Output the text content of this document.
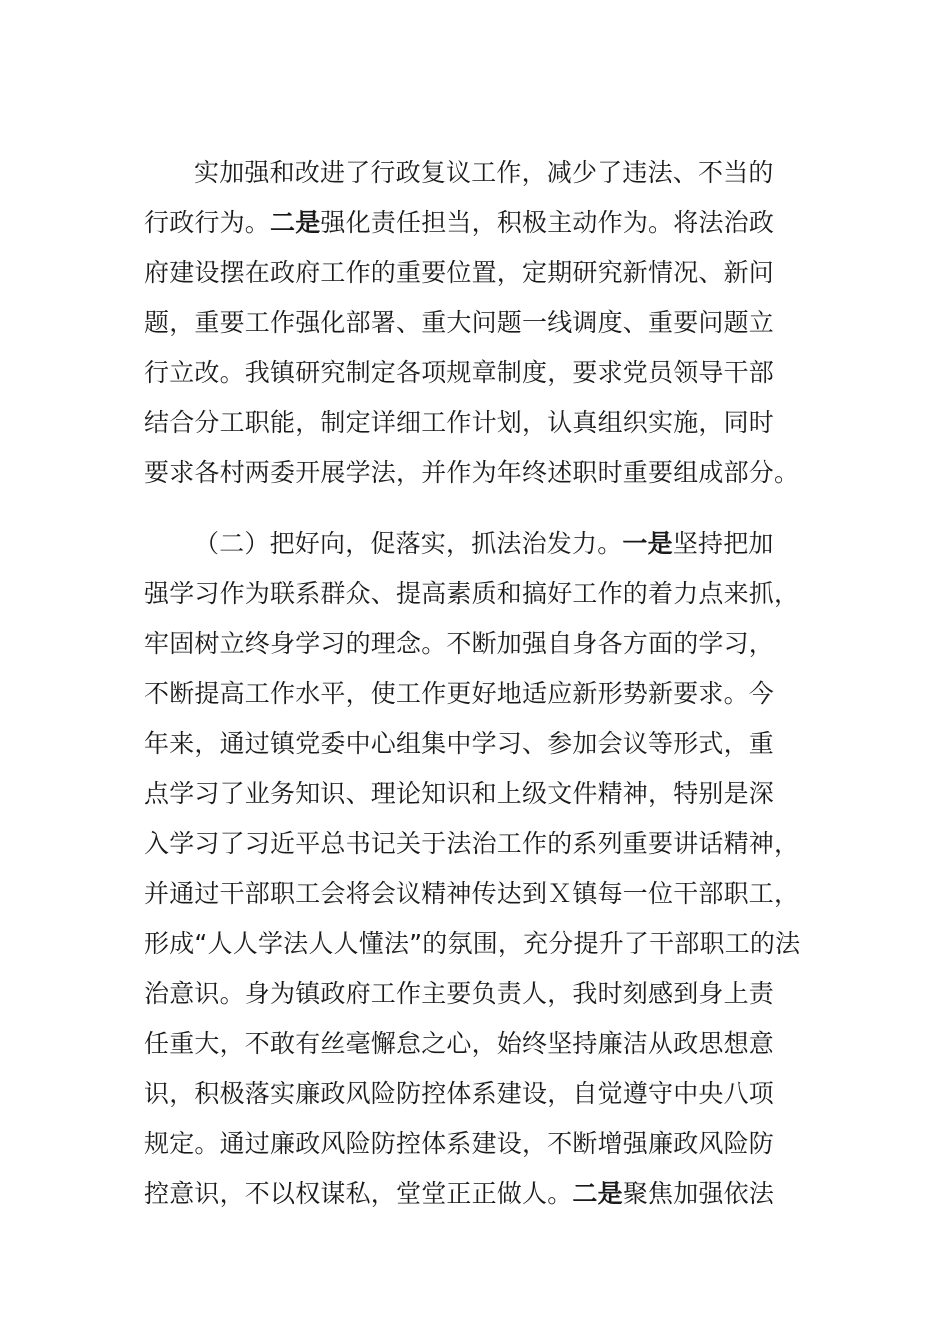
实加强和改进了行政复议工作，减少了违法、不当的
行政行为。二是强化责任担当，积极主动作为。将法治政
府建设摆在政府工作的重要位置，定期研究新情况、新问
题，重要工作强化部署、重大问题一线调度、重要问题立
行立改。我镇研究制定各项规章制度，要求党员领导干部
结合分工职能，制定详细工作计划，认真组织实施，同时
要求各村两委开展学法，并作为年终述职时重要组成部分。
（二）把好向，促落实，抓法治发力。一是坚持把加
强学习作为联系群众、提高素质和搞好工作的着力点来抓，
牢固树立终身学习的理念。不断加强自身各方面的学习，
不断提高工作水平，使工作更好地适应新形势新要求。今
年来，通过镇党委中心组集中学习、参加会议等形式，重
点学习了业务知识、理论知识和上级文件精神，特别是深
入学习了习近平总书记关于法治工作的系列重要讲话精神，
并通过干部职工会将会议精神传达到Ｘ镇每一位干部职工，
形成“人人学法人人懂法”的氛围，充分提升了干部职工的法
治意识。身为镇政府工作主要负责人，我时刻感到身上责
任重大，不敢有丝毫懈怠之心，始终坚持廉洁从政思想意
识，积极落实廉政风险防控体系建设，自觉遵守中央八项
规定。通过廉政风险防控体系建设，不断增强廉政风险防
控意识，不以权谋私，堂堂正正做人。二是聚焦加强依法
